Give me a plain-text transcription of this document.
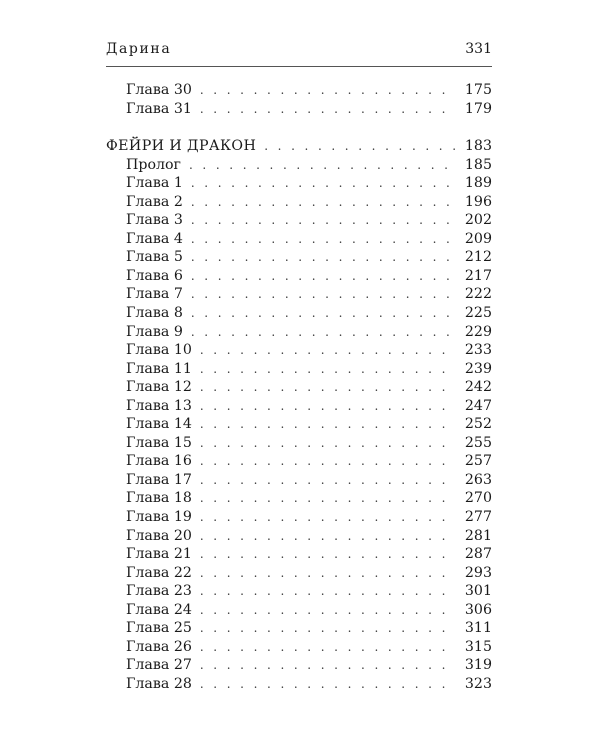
Дарина	331
Глава 30 . . .	175
Глава 31 . . .	179
ФЕЙРИ И ДРАКОН . . .	183
Пролог . . .	185
Глава 1 . . .	189
Глава 2 . . .	196
Глава 3 . . .	202
Глава 4 . . .	209
Глава 5 . . .	212
Глава 6 . . .	217
Глава 7 . . .	222
Глава 8 . . .	225
Глава 9 . . .	229
Глава 10 . . .	233
Глава 11 . . .	239
Глава 12 . . .	242
Глава 13 . . .	247
Глава 14 . . .	252
Глава 15 . . .	255
Глава 16 . . .	257
Глава 17 . . .	263
Глава 18 . . .	270
Глава 19 . . .	277
Глава 20 . . .	281
Глава 21 . . .	287
Глава 22 . . .	293
Глава 23 . . .	301
Глава 24 . . .	306
Глава 25 . . .	311
Глава 26 . . .	315
Глава 27 . . .	319
Глава 28 . . .	323
